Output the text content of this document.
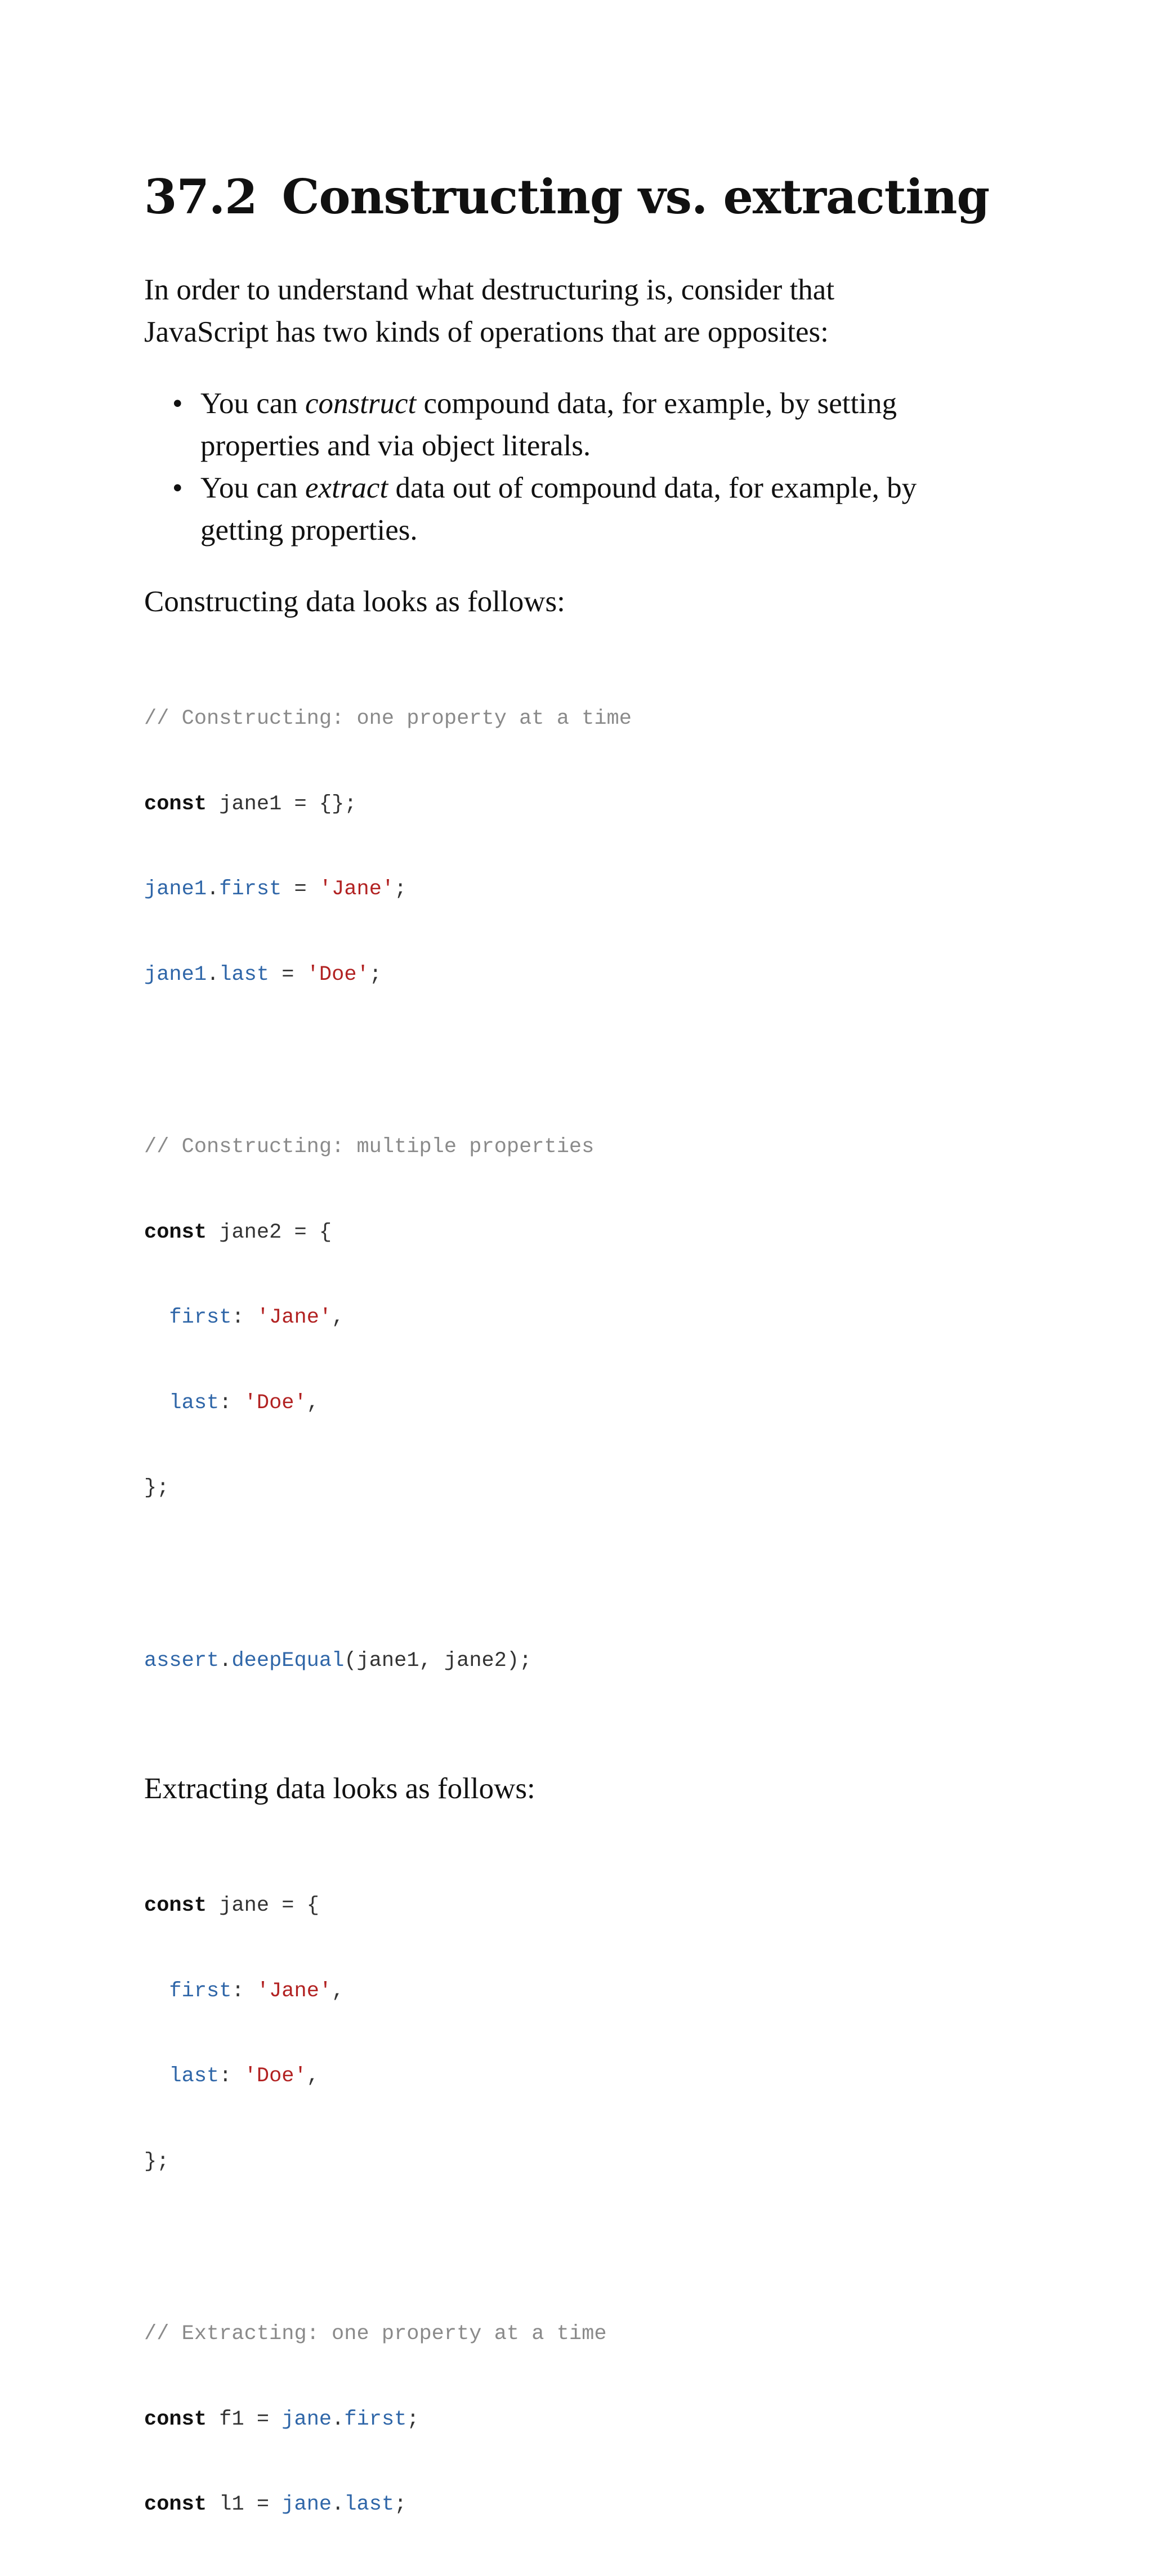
37.2 Constructing vs. extracting

In order to understand what destructuring is, consider that
JavaScript has two kinds of operations that are opposites:

• You can construct compound data, for example, by setting
properties and via object literals.
• You can extract data out of compound data, for example, by
getting properties.

Constructing data looks as follows:

// Constructing: one property at a time

const jane1 = {};

jane1.first = 'Jane';

jane1.last = 'Doe';

// Constructing: multiple properties

const jane2 = {

first: 'Jane',

last: 'Doe',

};

assert.deepEqual(jane1, jane2);

Extracting data looks as follows:

const jane = {

first: 'Jane',

last: 'Doe',

};

// Extracting: one property at a time

const f1 = jane.first;

const l1 = jane.last;
